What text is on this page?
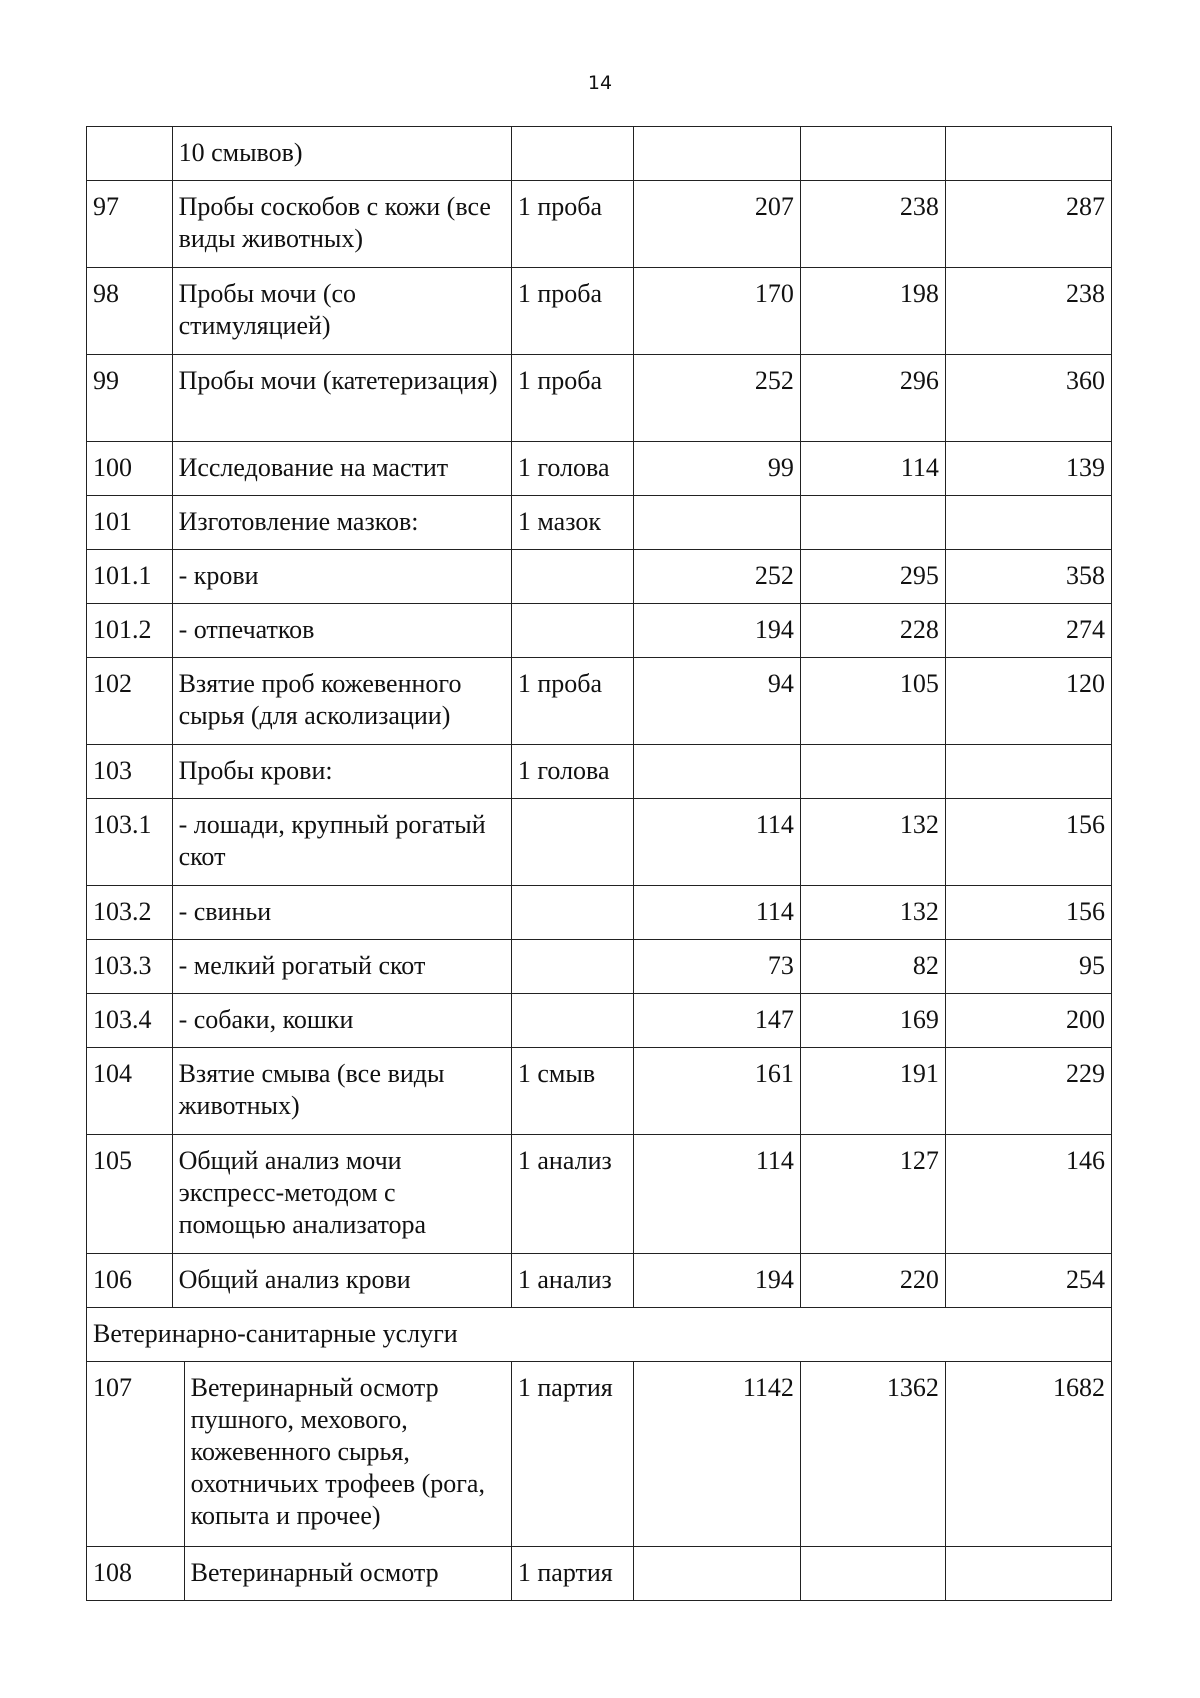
14
	10 смывов)					
97	Пробы соскобов с кожи (все виды животных)		1 проба	207	238	287
98	Пробы мочи (со стимуляцией)		1 проба	170	198	238
99	Пробы мочи (катетеризация)		1 проба	252	296	360
100	Исследование на мастит		1 голова	99	114	139
101	Изготовление мазков:		1 мазок			
101.1	- крови			252	295	358
101.2	- отпечатков			194	228	274
102	Взятие проб кожевенного сырья (для асколизации)		1 проба	94	105	120
103	Пробы крови:		1 голова			
103.1	- лошади, крупный рогатый скот			114	132	156
103.2	- свиньи			114	132	156
103.3	- мелкий рогатый скот			73	82	95
103.4	- собаки, кошки			147	169	200
104	Взятие смыва (все виды животных)		1 смыв	161	191	229
105	Общий анализ мочи экспресс-методом с помощью анализатора		1 анализ	114	127	146
106	Общий анализ крови		1 анализ	194	220	254
Ветеринарно-санитарные услуги						
107		Ветеринарный осмотр пушного, мехового, кожевенного сырья, охотничьих трофеев (рога, копыта и прочее)	1 партия	1142	1362	1682
108		Ветеринарный осмотр	1 партия			
